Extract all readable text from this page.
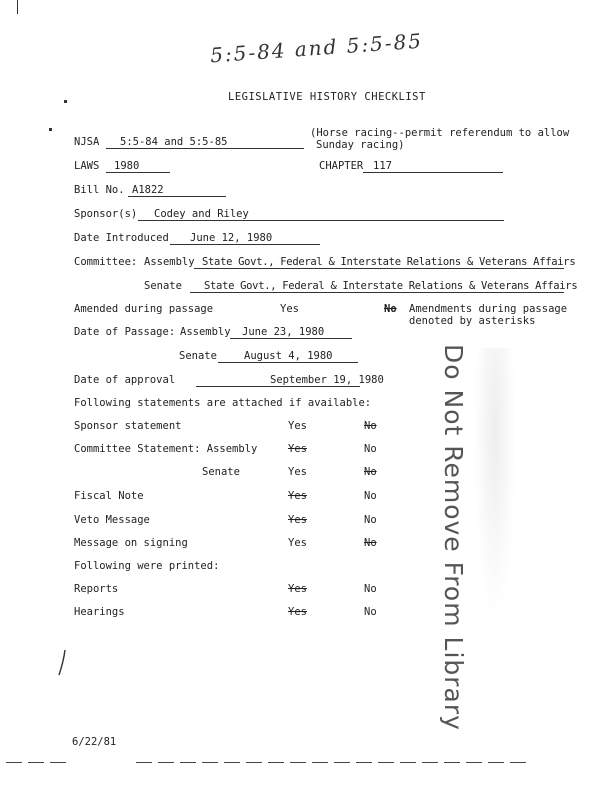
5:5-84 and 5:5-85
LEGISLATIVE HISTORY CHECKLIST
NJSA	5:5-84 and 5:5-85
(Horse racing--permit referendum to allow
Sunday racing)
LAWS	1980	CHAPTER 117
Bill No. A1822
Sponsor(s)	Codey and Riley
Date Introduced	June 12, 1980
Committee: Assembly State Govt., Federal & Interstate Relations & Veterans Affairs
Senate	State Govt., Federal & Interstate Relations & Veterans Affairs
Amended during passage	Yes	No Amendments during passage
denoted by asterisks
Date of Passage: Assembly	June 23, 1980
Senate	August 4, 1980
Date of approval	September 19, 1980
Following statements are attached if available:
Sponsor statement	Yes	No
Committee Statement: Assembly	Yes	No
Senate	Yes	No
Fiscal Note	Yes	No
Veto Message	Yes	No
Message on signing	Yes	No
Following were printed:
Reports	Yes	No
Hearings	Yes	No Do Not Remove From Library
6/22/81
